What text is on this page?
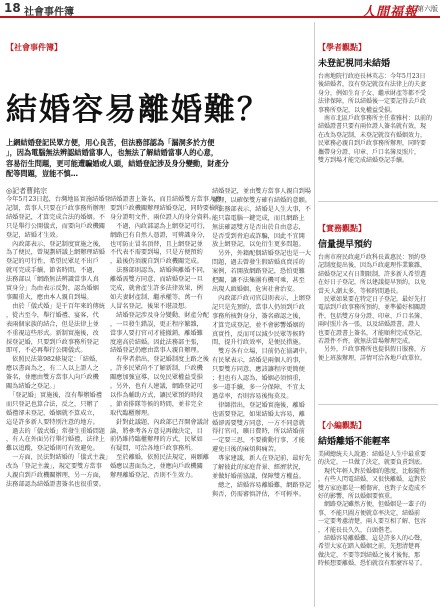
18 社會事件簿	人間福報 第六版
【社會事件簿】
結婚容易離婚難？

上網結婚登記民眾方便，用心良苦，但法務部認為「漏洞多於方便

」，因為電腦無法辨認結婚當事人，也無法了解結婚當事人的心意，

容易衍生問題，更可能遭騙婚或人頭，結婚登記涉及身分變動，財產分

配等問題，豈能不慎…

◎記者曹銘宗

今年5月23日起，台灣地區實施結婚登

記制，當事人只要在戶政事務所辦理

結婚登記，才算完成合法的婚姻。不

只是舉行公開儀式，而要向戶政機關

登記，結婚才生效。

　內政部表示，登記制度實施之後，

為了便民，曾規劃研議上網辦理結婚

登記的可行性，希望民眾足不出戶

就可完成手續，節省時間。不過，

法務部以「網路無法辨識當事人真

實身分」為由表示反對，認為婚姻

事關重大，應由本人親自到場。

　由於「儀式婚」是千百年來的傳統

，從古至今，舉行婚禮、宴客，代

表兩個家族的結合，但是法律上並

不重視這些形式。新制實施後，改

採登記婚，只要到戶政事務所登記

即可，不必再舉行公開儀式。

　依照民法第982條規定：「結婚，

應以書面為之，有二人以上證人之

簽名，並應由雙方當事人向戶政機

關為結婚之登記。」

　「登記婚」實施後，沒有舉辦婚禮

而只登記也算合法，反之，只辦了

婚禮卻未登記，婚姻就不算成立，

這是許多新人要特別注意的地方。

　過去的「儀式婚」常發生重婚問題

，有人在外面另行舉行婚禮，法律上

難以追蹤，登記婚則可有效避免。

　一方面，民法對結婚的「儀式主義」

改為「登記主義」，規定要雙方當事

人親自到戶政機關辦理，另一方面，

法務部認為結婚證書簽名也很重要。

結婚證書上簽名，而且結婚雙方當事人應

要到戶政機關辦理結婚登記，同時要檢附

身分證明文件，兩位證人的身分資料。

　不過，內政部認為上網登記可行，

網路已有自然人憑證，可辨識身分，

也可防止冒名頂替，且上網登記並

不代表不需要到場，只是方便預約

，最後仍須親自到戶政機關完成。

　法務部則認為，結婚與離婚不同，

離婚需雙方同意，而結婚登記一旦

完成，就會產生許多法律效果，例

如夫妻財產制、繼承權等，萬一有

人冒名登記，後果不堪設想。

　結婚登記涉及身分變動，財產分配

，一旦發生錯誤，更正程序繁雜，

當事人要打官司才能撤銷，離婚難

度遠高於結婚。因此法務部主張，

結婚登記仍應由當事人親自辦理。

　有學者指出，登記婚制度上路之後

，許多民眾尚不了解新制，戶政機

關應加強宣導，以免民眾權益受損

。另外，也有人建議，網路登記可

以作為輔助方式，讓民眾預約時段

，節省排隊等候的時間，並非完全

取代臨櫃辦理。

　針對此議題，內政部已召開會議討

論，將參考各方意見再做決定，目

前仍維持臨櫃辦理的方式，民眾如

有疑問，可洽各地戶政事務所。

　至於離婚，依照民法規定，兩願離

婚應以書面為之，並應向戶政機關

辦理離婚登記，否則不生效力。

結婚登記，並由雙方當事人親自到場

辦理，以確保雙方確有結婚的意願。

　法務部表示，結婚是人生大事，不

能只靠電腦一鍵完成，而且網路上

無法確認雙方是否出於自由意志，

是否受到脅迫或詐騙，因此不宜開

放上網登記，以免衍生更多問題。

　另外，外籍配偶結婚登記也是一大

問題，過去曾發生假結婚真賣淫的

案例，若開放網路登記，恐怕更難

把關，讓不法集團有機可乘，甚至

出現人頭婚姻，危害社會治安。

　內政部戶政司官員則表示，上網登

記只是先預約，當事人仍須到戶政

事務所核對身分，簽名確認之後，

才算完成登記，並不會影響婚姻的

真實性，反而可以減少民眾等候時

間，提升行政效率，是便民措施。

　雙方各有立場，目前仍在協調中。

有民眾表示，結婚是兩個人的事，

只要雙方同意，應該讓程序更簡便

；但也有人認為，婚姻必須慎重，

多一道手續，多一分保障，不宜太

過草率，否則容易後悔莫及。

　律師指出，登記婚實施後，離婚

也需要登記，如果結婚太容易，離

婚卻需要雙方同意，一方不同意就

得打官司，曠日費時，所以結婚前

一定要三思，不要衝動行事，才能

避免日後的麻煩與痛苦。

　專家建議，新人在登記前，最好先

了解彼此的家庭背景、經濟狀況，

並做好婚前協議，保障雙方權益。

　總之，結婚容易離婚難，網路登記

與否，仍需審慎評估，不可輕率。

【學者觀點】
未登記視同未結婚

台南地院行政庭長林英志：今年5月23日

後結婚者，沒有登記就沒有法律上的夫妻

身分，例如生育子女、繼承財產等都不受

法律保障，所以結婚後一定要記得去戶政

事務所登記，以免權益受損。

　南市北區戶政事務所主任董雅村：以前的

結婚證書只要有兩位證人簽名就有效，現

在改為登記制，未登記就沒有婚姻效力，

民眾務必親自到戶政事務所辦理，同時要

攜帶身分證、印章、戶口名簿及照片，

雙方到場才能完成結婚登記手續。

【實務觀點】
信量提早預約

台南市府民政處戶政科長黃惠民：預約登

記制度提出後，因為戶政處理作業繁雜，

結婚登記又有日期限制，許多新人希望選

在好日子登記，所以建議提早預約，以免

當天人潮太多，等候時間過長。

　民眾如果要在特定日子登記，最好先打

電話到戶政事務所預約，並準備好相關證

件，包括雙方身分證、印章、戶口名簿、

兩吋照片各一張，以及結婚證書，證人

也要在證書上簽名，才能順利完成登記，

若證件不齊，就無法當場辦理完成。

　另外，戶政事務所也提供假日服務，方

便上班族辦理，詳情可洽各地戶政單位。

【小編觀點】
結婚離婚不能輕率

美國總統夫人說過：結婚是人生中最重要

的決定，一旦做了決定，就要負責到底。

　現代年輕人對於婚姻的態度，比較隨性

，有些人閃電結婚，又很快離婚，這對於

雙方家庭都是一種傷害，也對子女造成不

好的影響，所以婚姻要慎重。

　網路登記雖然方便，但婚姻是一輩子的

事，不能只圖方便就草率決定，結婚前

一定要考慮清楚，兩人要互相了解、包容

，才能長長久久，白頭偕老。

　結婚容易離婚難，這是許多人的心聲，

希望大家在踏入婚姻之前，先想清楚再

做決定，不要等到結婚之後才後悔，那

時候想要離婚，恐怕就沒有那麼容易了。
